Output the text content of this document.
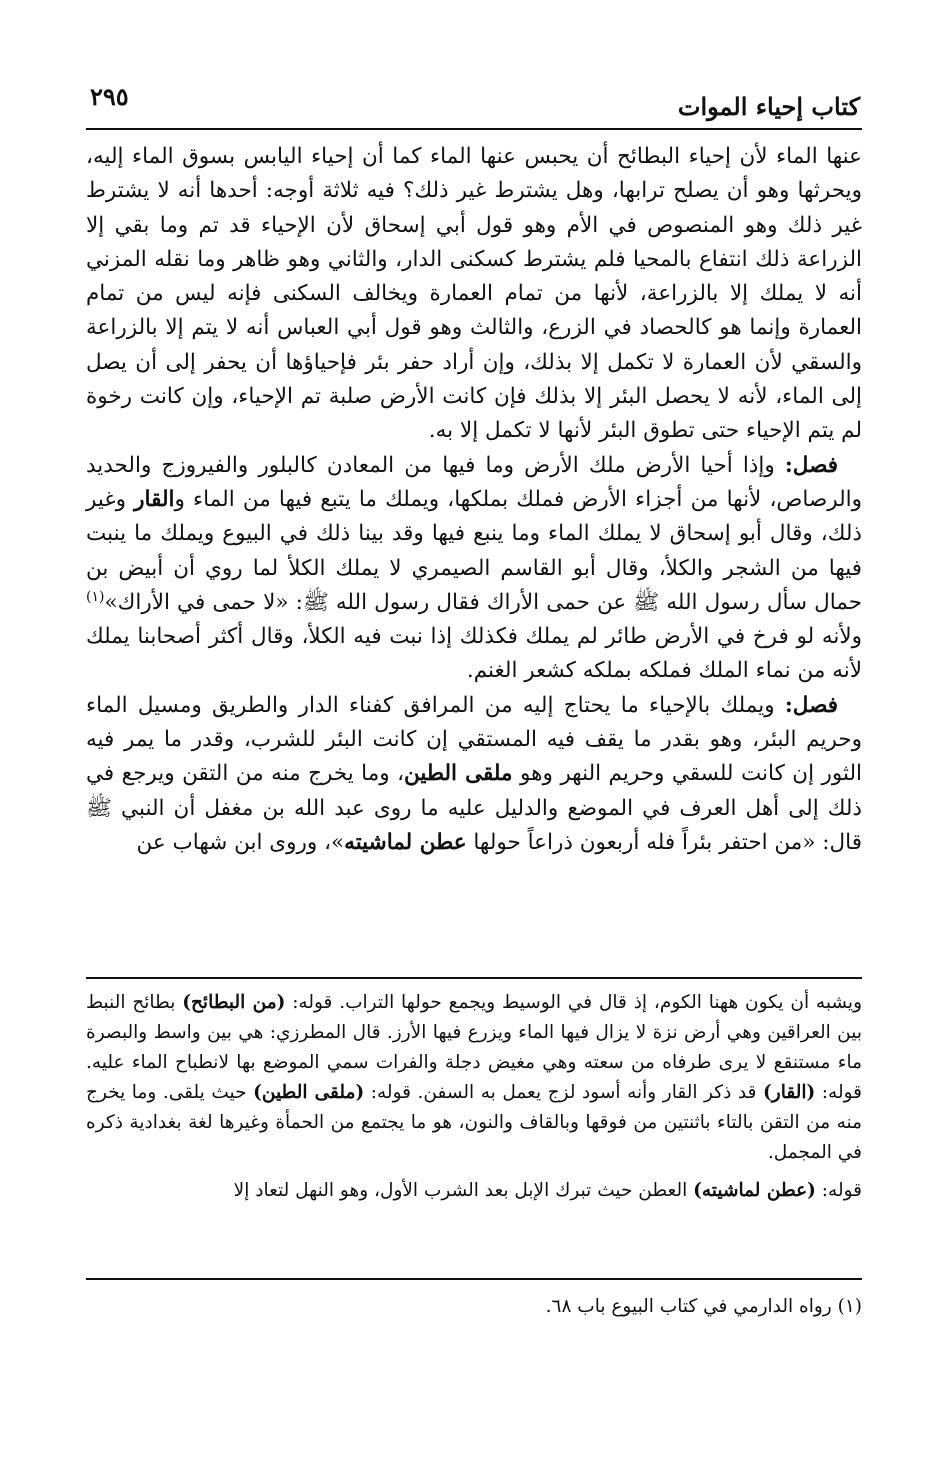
٢٩٥	كتاب إحياء الموات

عنها الماء لأن إحياء البطائح أن يحبس عنها الماء كما أن إحياء اليابس بسوق الماء إليه، ويحرثها وهو أن يصلح ترابها، وهل يشترط غير ذلك؟ فيه ثلاثة أوجه: أحدها أنه لا يشترط غير ذلك وهو المنصوص في الأم وهو قول أبي إسحاق لأن الإحياء قد تم وما بقي إلا الزراعة ذلك انتفاع بالمحيا فلم يشترط كسكنى الدار، والثاني وهو ظاهر وما نقله المزني أنه لا يملك إلا بالزراعة، لأنها من تمام العمارة ويخالف السكنى فإنه ليس من تمام العمارة وإنما هو كالحصاد في الزرع، والثالث وهو قول أبي العباس أنه لا يتم إلا بالزراعة والسقي لأن العمارة لا تكمل إلا بذلك، وإن أراد حفر بئر فإحياؤها أن يحفر إلى أن يصل إلى الماء، لأنه لا يحصل البئر إلا بذلك فإن كانت الأرض صلبة تم الإحياء، وإن كانت رخوة لم يتم الإحياء حتى تطوق البئر لأنها لا تكمل إلا به.

فصل: وإذا أحيا الأرض ملك الأرض وما فيها من المعادن كالبلور والفيروزج والحديد والرصاص، لأنها من أجزاء الأرض فملك بملكها، ويملك ما يتبع فيها من الماء والقار وغير ذلك، وقال أبو إسحاق لا يملك الماء وما ينبع فيها وقد بينا ذلك في البيوع ويملك ما ينبت فيها من الشجر والكلأ، وقال أبو القاسم الصيمري لا يملك الكلأ لما روي أن أبيض بن حمال سأل رسول الله ﷺ عن حمى الأراك فقال رسول الله ﷺ: «لا حمى في الأراك»$^{(١)}$ ولأنه لو فرخ في الأرض طائر لم يملك فكذلك إذا نبت فيه الكلأ، وقال أكثر أصحابنا يملك لأنه من نماء الملك فملكه بملكه كشعر الغنم.

فصل: ويملك بالإحياء ما يحتاج إليه من المرافق كفناء الدار والطريق ومسيل الماء وحريم البئر، وهو بقدر ما يقف فيه المستقي إن كانت البئر للشرب، وقدر ما يمر فيه الثور إن كانت للسقي وحريم النهر وهو ملقى الطين، وما يخرج منه من التقن ويرجع في ذلك إلى أهل العرف في الموضع والدليل عليه ما روى عبد الله بن مغفل أن النبي ﷺ قال: «من احتفر بئراً فله أربعون ذراعاً حولها عطن لماشيته»، وروى ابن شهاب عن

ويشبه أن يكون ههنا الكوم، إذ قال في الوسيط ويجمع حولها التراب. قوله: (من البطائح) بطائح النبط بين العراقين وهي أرض نزة لا يزال فيها الماء ويزرع فيها الأرز. قال المطرزي: هي بين واسط والبصرة ماء مستنقع لا يرى طرفاه من سعته وهي مغيض دجلة والفرات سمي الموضع بها لانطباح الماء عليه. قوله: (القار) قد ذكر القار وأنه أسود لزج يعمل به السفن. قوله: (ملقى الطين) حيث يلقى. وما يخرج منه من التقن بالتاء باثنتين من فوقها وبالقاف والنون، هو ما يجتمع من الحمأة وغيرها لغة بغدادية ذكره في المجمل.

قوله: (عطن لماشيته) العطن حيث تبرك الإبل بعد الشرب الأول، وهو النهل لتعاد إلا

(١) رواه الدارمي في كتاب البيوع باب ٦٨.
